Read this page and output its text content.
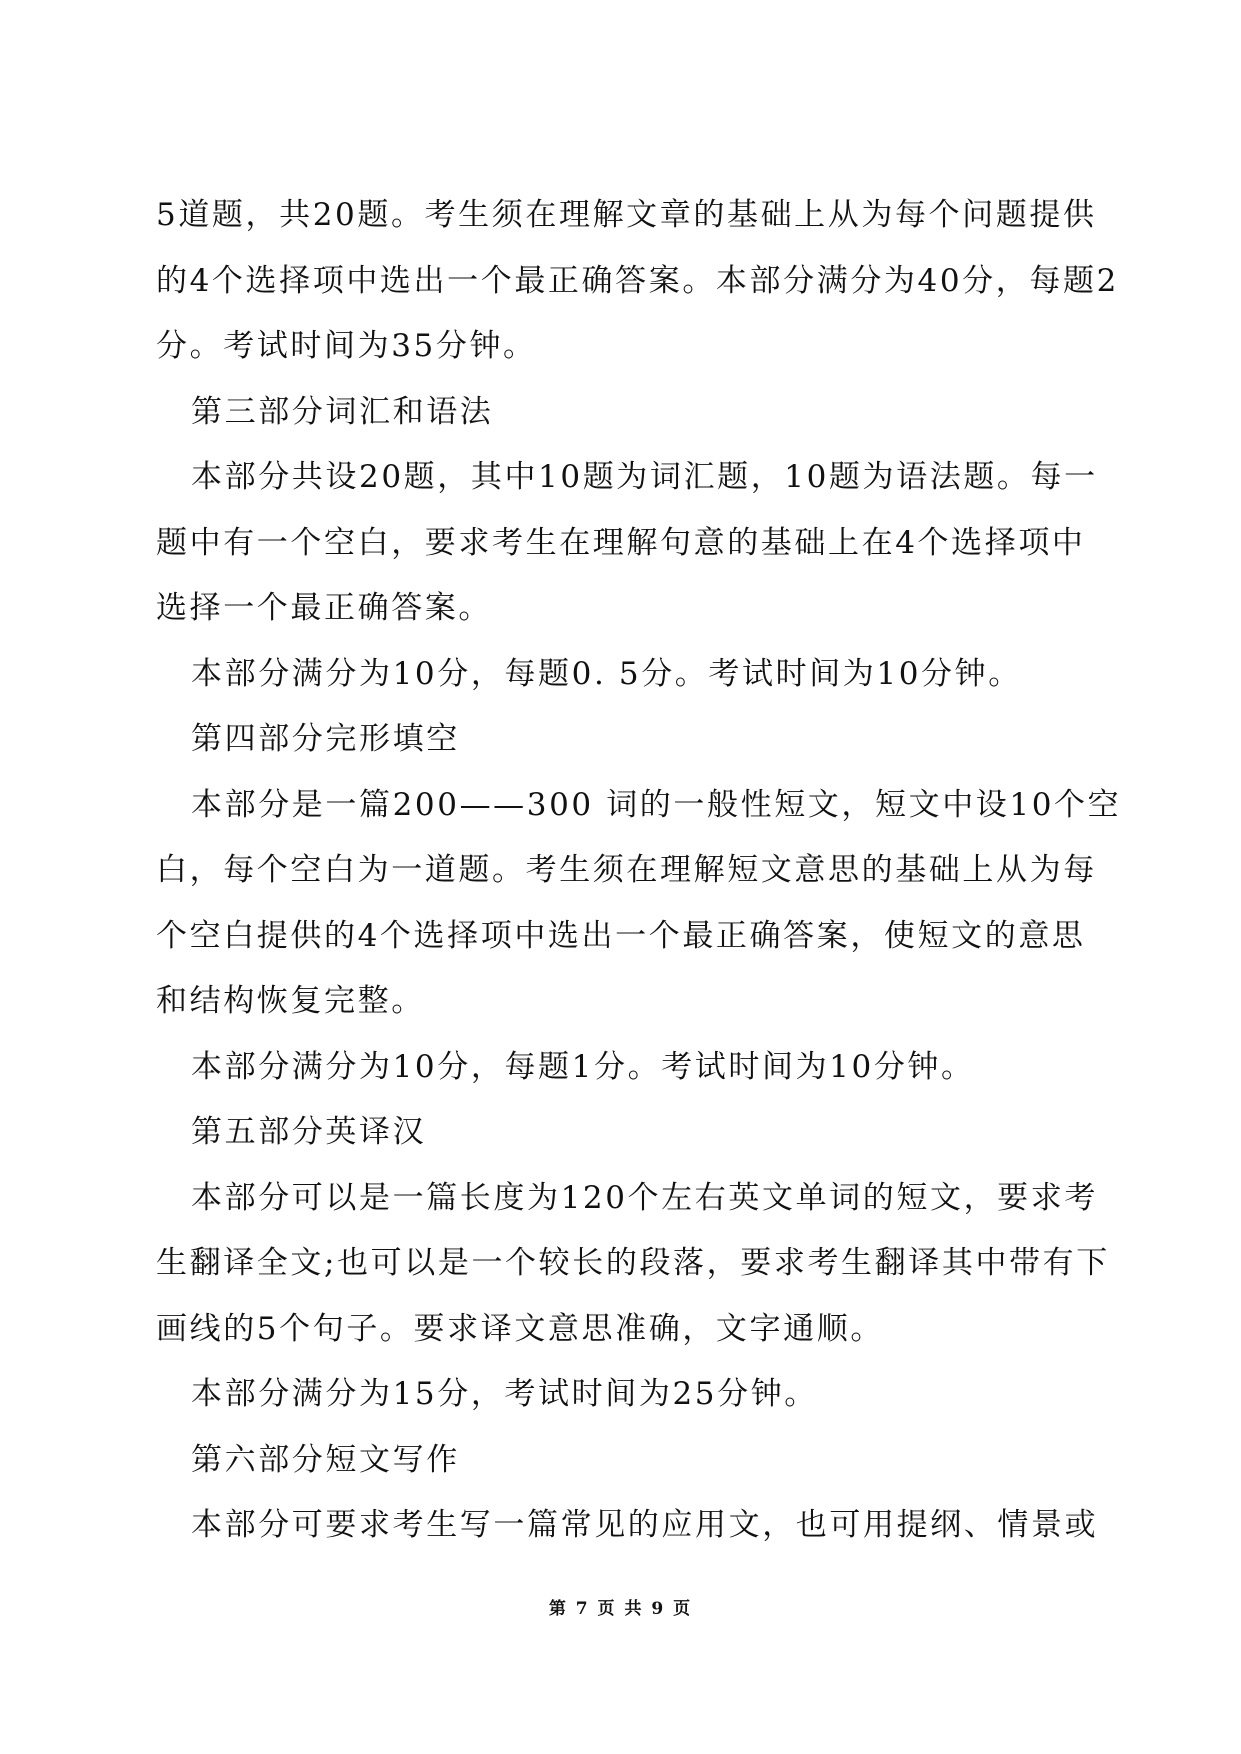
5道题，共20题。考生须在理解文章的基础上从为每个问题提供
的4个选择项中选出一个最正确答案。本部分满分为40分，每题2
分。考试时间为35分钟。
第三部分词汇和语法
本部分共设20题，其中10题为词汇题，10题为语法题。每一
题中有一个空白，要求考生在理解句意的基础上在4个选择项中
选择一个最正确答案。
本部分满分为10分，每题0. 5分。考试时间为10分钟。
第四部分完形填空
本部分是一篇200——300 词的一般性短文，短文中设10个空
白，每个空白为一道题。考生须在理解短文意思的基础上从为每
个空白提供的4个选择项中选出一个最正确答案，使短文的意思
和结构恢复完整。
本部分满分为10分，每题1分。考试时间为10分钟。
第五部分英译汉
本部分可以是一篇长度为120个左右英文单词的短文，要求考
生翻译全文;也可以是一个较长的段落，要求考生翻译其中带有下
画线的5个句子。要求译文意思准确，文字通顺。
本部分满分为15分，考试时间为25分钟。
第六部分短文写作
本部分可要求考生写一篇常见的应用文，也可用提纲、情景或
第 7 页 共 9 页
